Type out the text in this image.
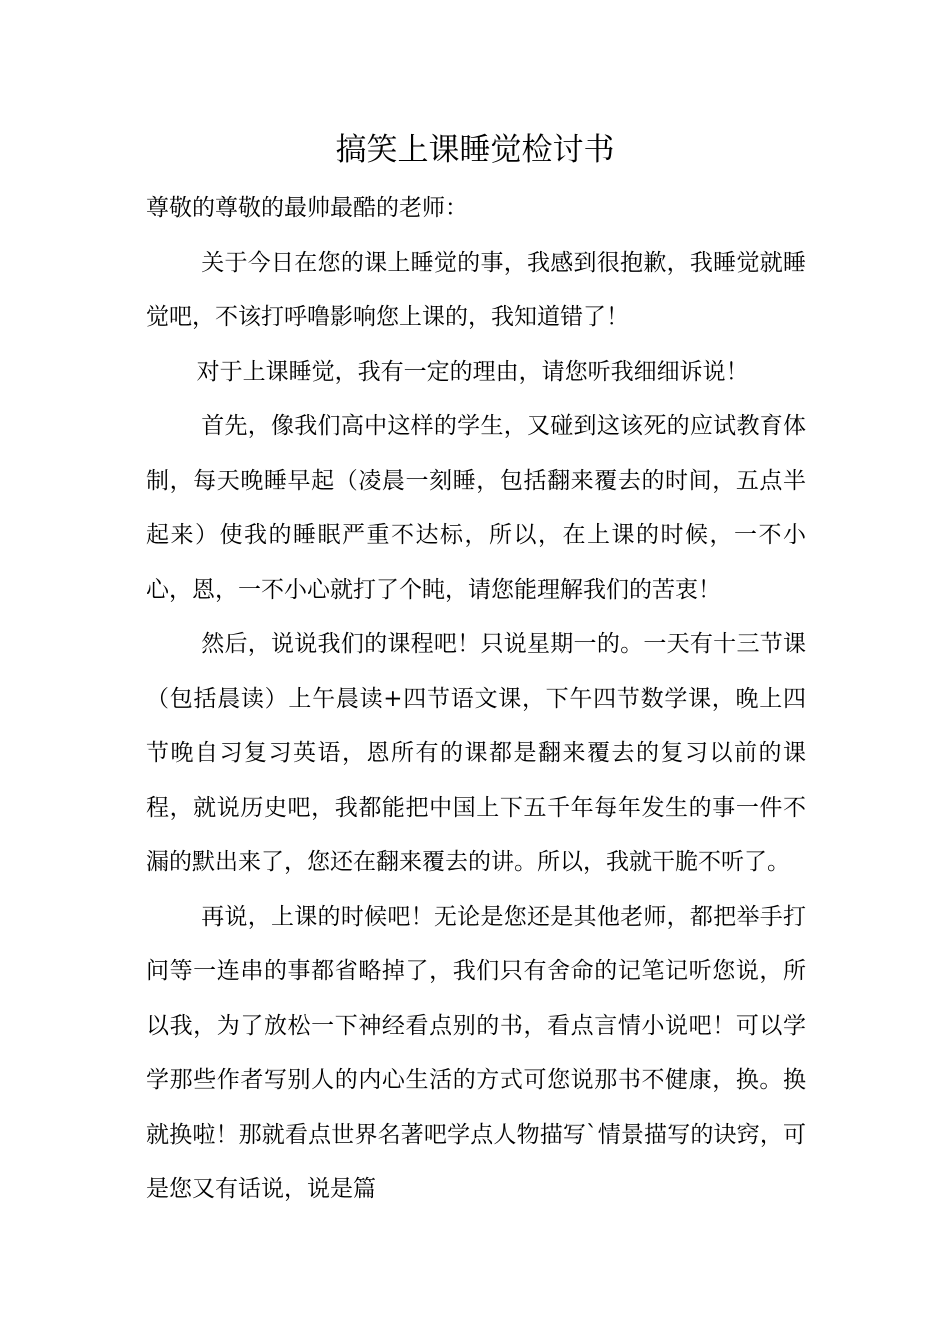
搞笑上课睡觉检讨书

尊敬的尊敬的最帅最酷的老师：

关于今日在您的课上睡觉的事，我感到很抱歉，我睡觉就睡觉吧，不该打呼噜影响您上课的，我知道错了！

对于上课睡觉，我有一定的理由，请您听我细细诉说！

首先，像我们高中这样的学生，又碰到这该死的应试教育体制，每天晚睡早起（凌晨一刻睡，包括翻来覆去的时间，五点半起来）使我的睡眠严重不达标，所以，在上课的时候，一不小心，恩，一不小心就打了个盹，请您能理解我们的苦衷！

然后，说说我们的课程吧！只说星期一的。一天有十三节课（包括晨读）上午晨读+四节语文课，下午四节数学课，晚上四节晚自习复习英语，恩所有的课都是翻来覆去的复习以前的课程，就说历史吧，我都能把中国上下五千年每年发生的事一件不漏的默出来了，您还在翻来覆去的讲。所以，我就干脆不听了。

再说，上课的时候吧！无论是您还是其他老师，都把举手打问等一连串的事都省略掉了，我们只有舍命的记笔记听您说，所以我，为了放松一下神经看点别的书，看点言情小说吧！可以学学那些作者写别人的内心生活的方式可您说那书不健康，换。换就换啦！那就看点世界名著吧学点人物描写`情景描写的诀窍，可是您又有话说，说是篇
